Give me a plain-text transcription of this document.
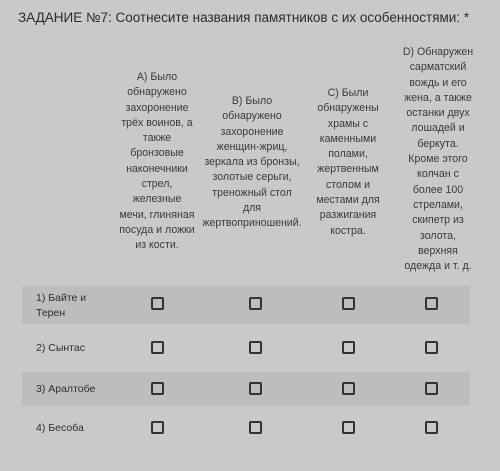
ЗАДАНИЕ №7: Соотнесите названия памятников с их особенностями: *
A) Было
обнаружено
захоронение
трёх воинов, а
также
бронзовые
наконечники
стрел,
железные
мечи, глиняная
посуда и ложки
из кости.
B) Было
обнаружено
захоронение
женщин-жриц,
зеркала из бронзы,
золотые серьги,
треножный стол
для
жертвоприношений.
C) Были
обнаружены
храмы с
каменными
полами,
жертвенным
столом и
местами для
разжигания
костра.
D) Обнаружен
сарматский
вождь и его
жена, а также
останки двух
лошадей и
беркута.
Кроме этого
колчан с
более 100
стрелами,
скипетр из
золота,
верхняя
одежда и т. д.
1) Байте и
Терен
2) Сынтас
3) Аралтобе
4) Бесоба
